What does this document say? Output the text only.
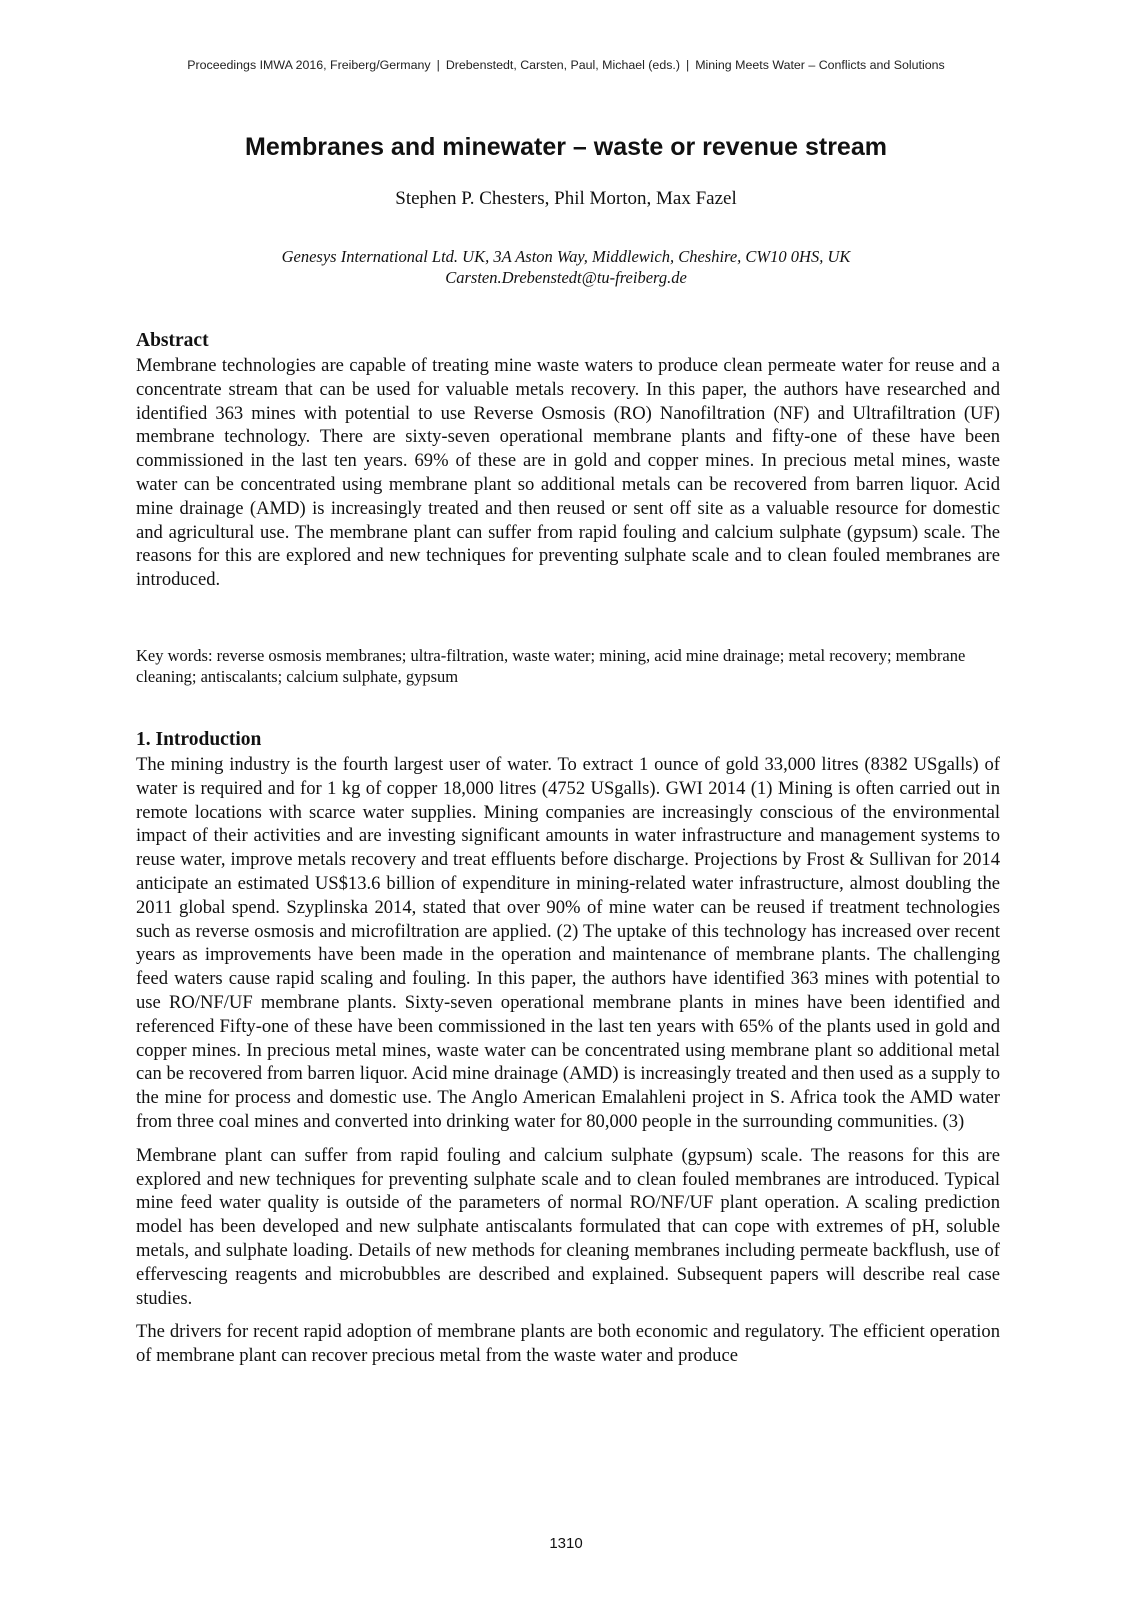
Proceedings IMWA 2016, Freiberg/Germany | Drebenstedt, Carsten, Paul, Michael (eds.) | Mining Meets Water – Conflicts and Solutions
Membranes and minewater – waste or revenue stream

Stephen P. Chesters, Phil Morton, Max Fazel

Genesys International Ltd. UK, 3A Aston Way, Middlewich, Cheshire, CW10 0HS, UK
Carsten.Drebenstedt@tu-freiberg.de
Abstract

Membrane technologies are capable of treating mine waste waters to produce clean permeate water for reuse and a concentrate stream that can be used for valuable metals recovery. In this paper, the authors have researched and identified 363 mines with potential to use Reverse Osmosis (RO) Nanofiltration (NF) and Ultrafiltration (UF) membrane technology. There are sixty-seven operational membrane plants and fifty-one of these have been commissioned in the last ten years. 69% of these are in gold and copper mines. In precious metal mines, waste water can be concentrated using membrane plant so additional metals can be recovered from barren liquor. Acid mine drainage (AMD) is increasingly treated and then reused or sent off site as a valuable resource for domestic and agricultural use. The membrane plant can suffer from rapid fouling and calcium sulphate (gypsum) scale. The reasons for this are explored and new techniques for preventing sulphate scale and to clean fouled membranes are introduced.

Key words: reverse osmosis membranes; ultra-filtration, waste water; mining, acid mine drainage; metal recovery; membrane cleaning; antiscalants; calcium sulphate, gypsum

1. Introduction

The mining industry is the fourth largest user of water. To extract 1 ounce of gold 33,000 litres (8382 USgalls) of water is required and for 1 kg of copper 18,000 litres (4752 USgalls). GWI 2014 (1) Mining is often carried out in remote locations with scarce water supplies. Mining companies are increasingly conscious of the environmental impact of their activities and are investing significant amounts in water infrastructure and management systems to reuse water, improve metals recovery and treat effluents before discharge. Projections by Frost & Sullivan for 2014 anticipate an estimated US$13.6 billion of expenditure in mining-related water infrastructure, almost doubling the 2011 global spend. Szyplinska 2014, stated that over 90% of mine water can be reused if treatment technologies such as reverse osmosis and microfiltration are applied. (2) The uptake of this technology has increased over recent years as improvements have been made in the operation and maintenance of membrane plants. The challenging feed waters cause rapid scaling and fouling. In this paper, the authors have identified 363 mines with potential to use RO/NF/UF membrane plants. Sixty-seven operational membrane plants in mines have been identified and referenced Fifty-one of these have been commissioned in the last ten years with 65% of the plants used in gold and copper mines. In precious metal mines, waste water can be concentrated using membrane plant so additional metal can be recovered from barren liquor. Acid mine drainage (AMD) is increasingly treated and then used as a supply to the mine for process and domestic use. The Anglo American Emalahleni project in S. Africa took the AMD water from three coal mines and converted into drinking water for 80,000 people in the surrounding communities. (3)

Membrane plant can suffer from rapid fouling and calcium sulphate (gypsum) scale. The reasons for this are explored and new techniques for preventing sulphate scale and to clean fouled membranes are introduced. Typical mine feed water quality is outside of the parameters of normal RO/NF/UF plant operation. A scaling prediction model has been developed and new sulphate antiscalants formulated that can cope with extremes of pH, soluble metals, and sulphate loading. Details of new methods for cleaning membranes including permeate backflush, use of effervescing reagents and microbubbles are described and explained. Subsequent papers will describe real case studies.

The drivers for recent rapid adoption of membrane plants are both economic and regulatory. The efficient operation of membrane plant can recover precious metal from the waste water and produce

1310
